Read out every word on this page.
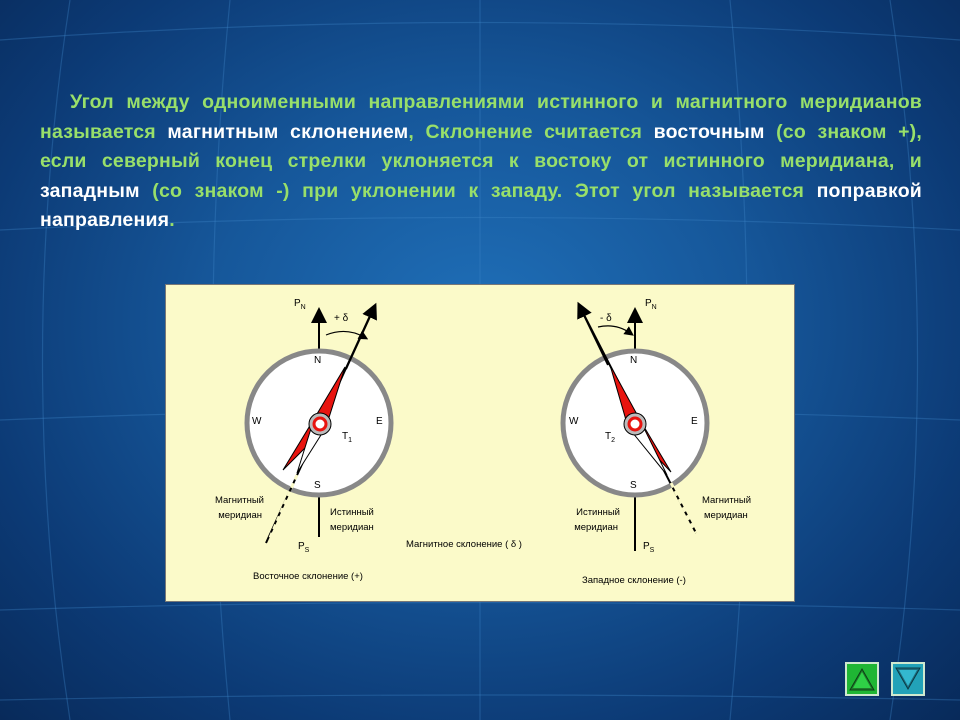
Угол между одноименными направлениями истинного и магнитного меридианов называется магнитным склонением, Склонение считается восточным (со знаком +), если северный конец стрелки уклоняется к востоку от истинного меридиана, и западным (со знаком -) при уклонении к западу. Этот угол называется поправкой направления.
$P_N$
+ δ
N
W	E
$T_1$
S
Магнитный
меридиан	Истинный
меридиан
$P_S$
Восточное склонение (+)
$P_N$
- δ
N
W	E
$T_2$
S
Истинный
меридиан
Магнитный
меридиан
$P_S$
Западное склонение (-)
Магнитное склонение ( δ )
